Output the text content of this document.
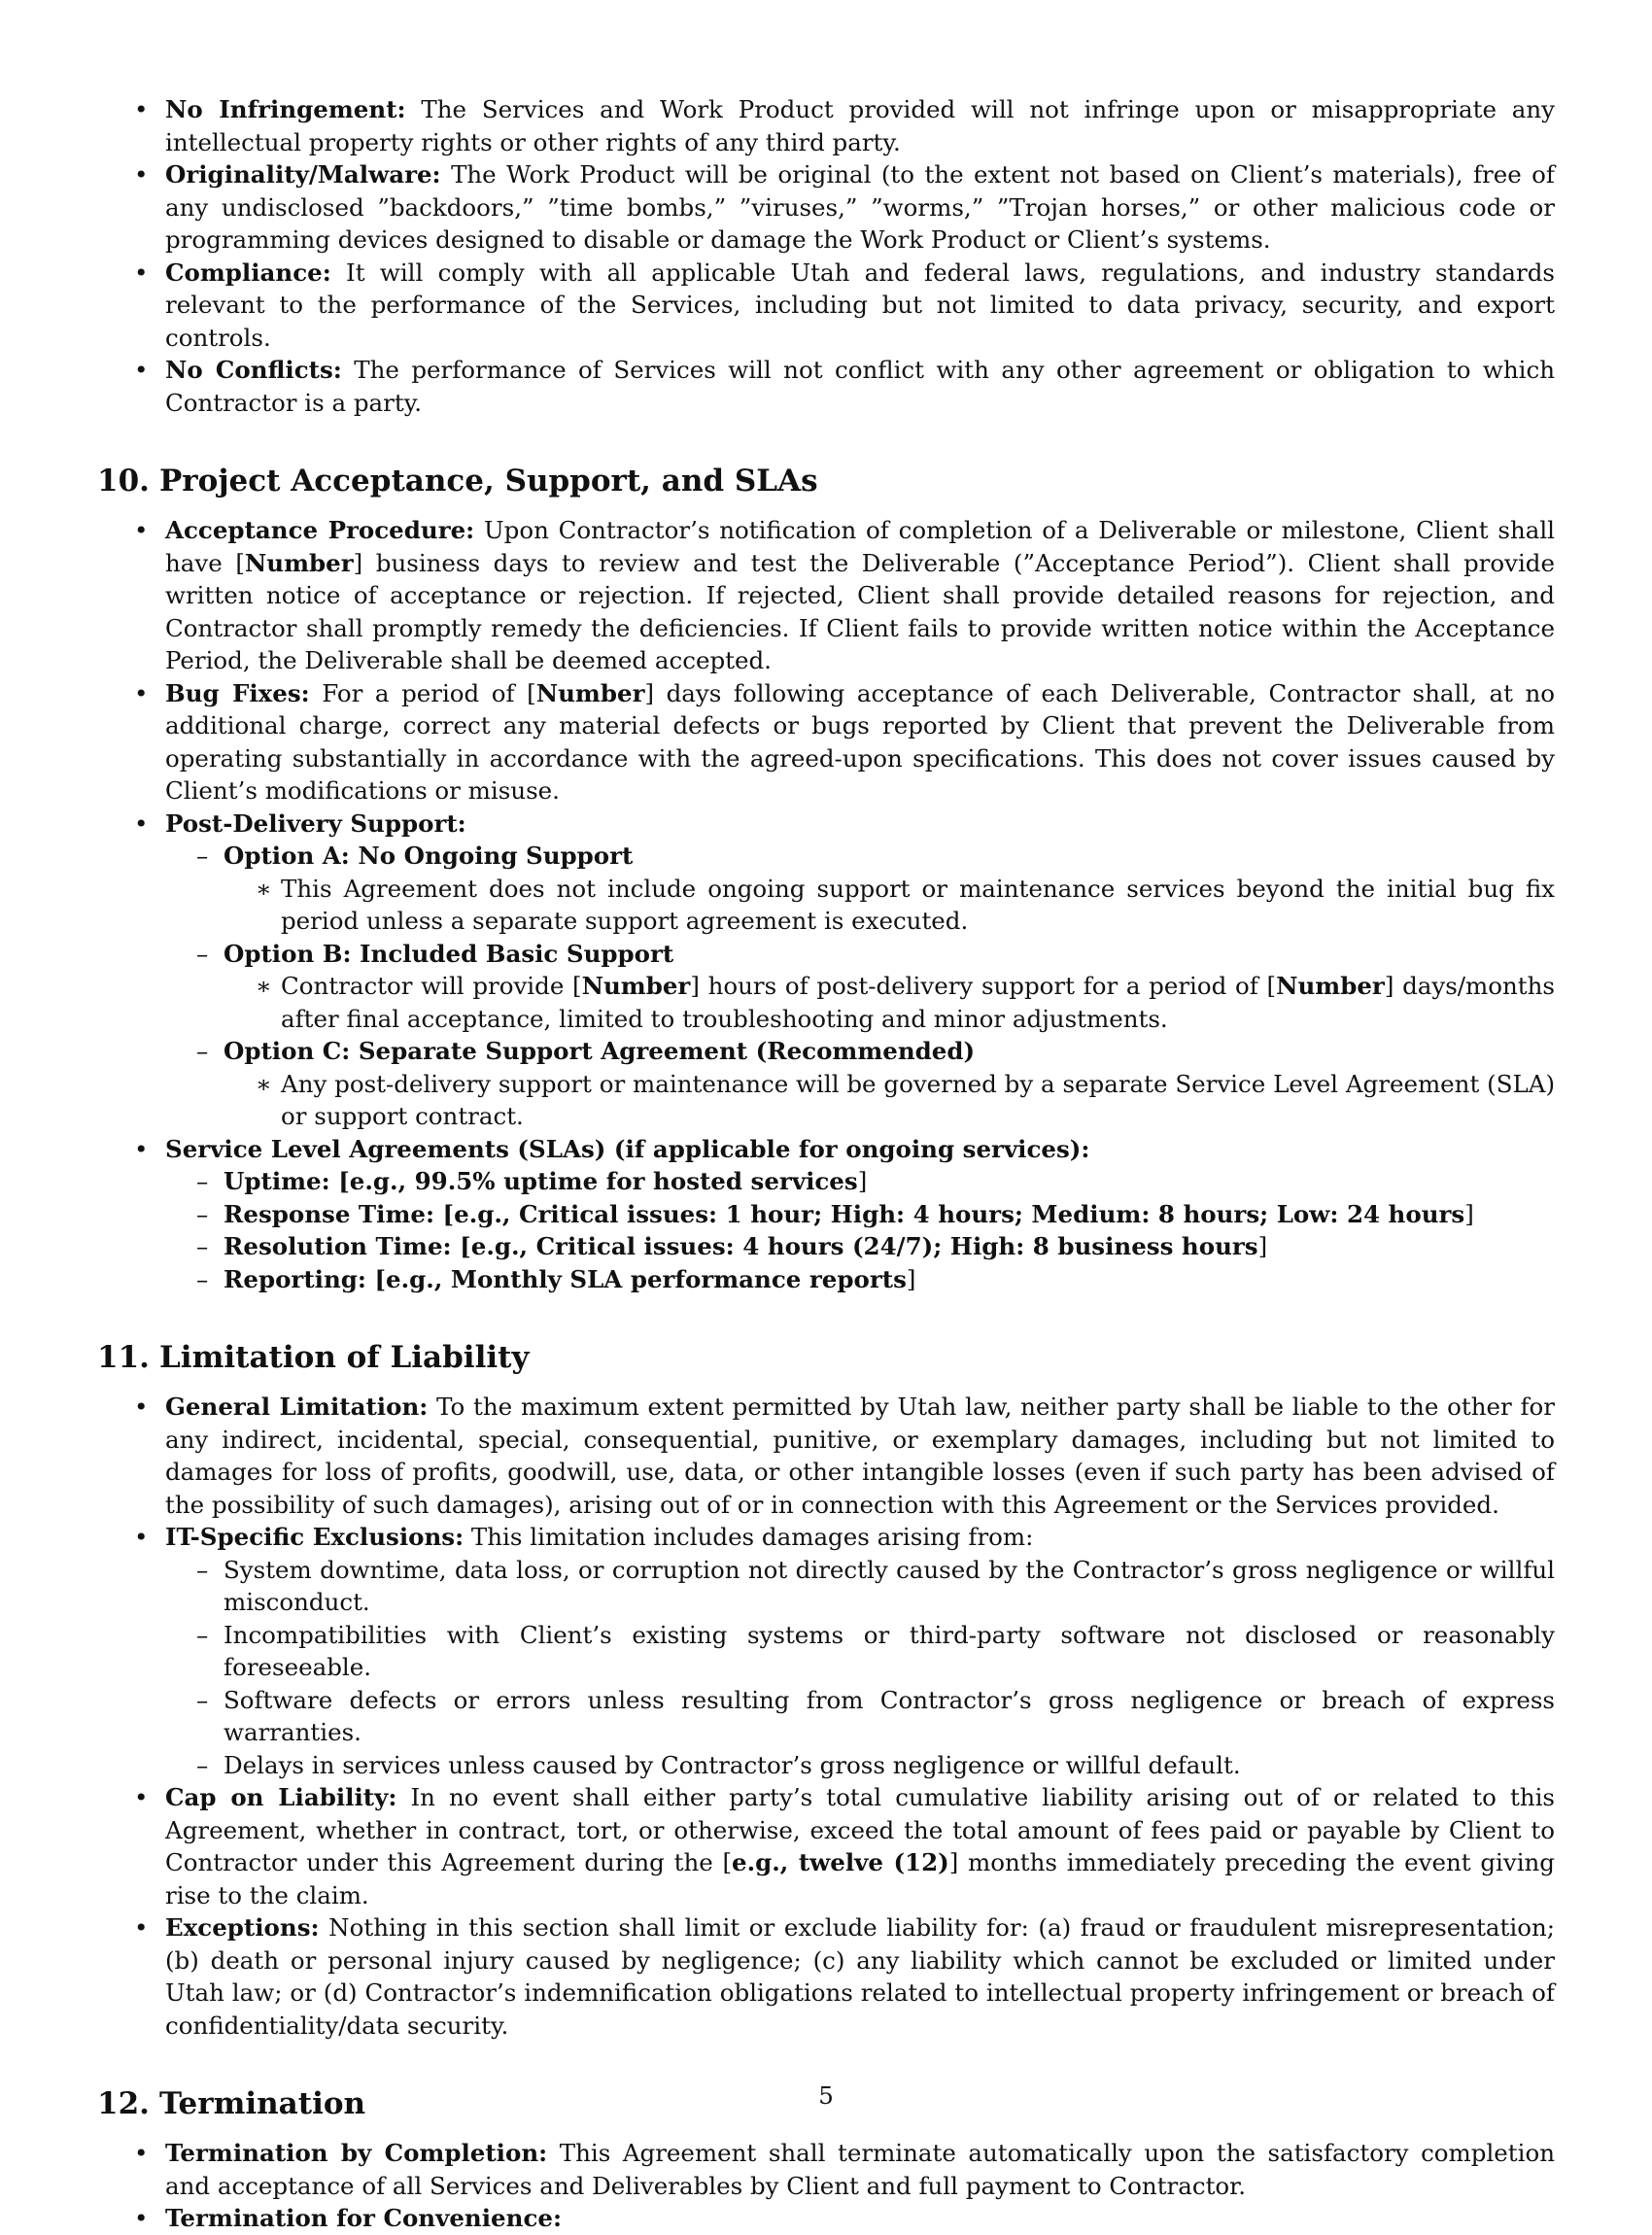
• No Infringement: The Services and Work Product provided will not infringe upon or misappropriate any intellectual property rights or other rights of any third party.
• Originality/Malware: The Work Product will be original (to the extent not based on Client’s materials), free of any undisclosed ”backdoors,” ”time bombs,” ”viruses,” ”worms,” ”Trojan horses,” or other malicious code or programming devices designed to disable or damage the Work Product or Client’s systems.
• Compliance: It will comply with all applicable Utah and federal laws, regulations, and industry standards relevant to the performance of the Services, including but not limited to data privacy, security, and export controls.
• No Conflicts: The performance of Services will not conflict with any other agreement or obligation to which Contractor is a party.
10. Project Acceptance, Support, and SLAs
• Acceptance Procedure: Upon Contractor’s notification of completion of a Deliverable or milestone, Client shall have [Number] business days to review and test the Deliverable (”Acceptance Period”). Client shall provide written notice of acceptance or rejection. If rejected, Client shall provide detailed reasons for rejection, and Contractor shall promptly remedy the deficiencies. If Client fails to provide written notice within the Acceptance Period, the Deliverable shall be deemed accepted.
• Bug Fixes: For a period of [Number] days following acceptance of each Deliverable, Contractor shall, at no additional charge, correct any material defects or bugs reported by Client that prevent the Deliverable from operating substantially in accordance with the agreed-upon specifications. This does not cover issues caused by Client’s modifications or misuse.
• Post-Delivery Support:
– Option A: No Ongoing Support
∗ This Agreement does not include ongoing support or maintenance services beyond the initial bug fix period unless a separate support agreement is executed.
– Option B: Included Basic Support
∗ Contractor will provide [Number] hours of post-delivery support for a period of [Number] days/months after final acceptance, limited to troubleshooting and minor adjustments.
– Option C: Separate Support Agreement (Recommended)
∗ Any post-delivery support or maintenance will be governed by a separate Service Level Agreement (SLA) or support contract.
• Service Level Agreements (SLAs) (if applicable for ongoing services):
– Uptime: [e.g., 99.5% uptime for hosted services]
– Response Time: [e.g., Critical issues: 1 hour; High: 4 hours; Medium: 8 hours; Low: 24 hours]
– Resolution Time: [e.g., Critical issues: 4 hours (24/7); High: 8 business hours]
– Reporting: [e.g., Monthly SLA performance reports]
11. Limitation of Liability
• General Limitation: To the maximum extent permitted by Utah law, neither party shall be liable to the other for any indirect, incidental, special, consequential, punitive, or exemplary damages, including but not limited to damages for loss of profits, goodwill, use, data, or other intangible losses (even if such party has been advised of the possibility of such damages), arising out of or in connection with this Agreement or the Services provided.
• IT-Specific Exclusions: This limitation includes damages arising from:
– System downtime, data loss, or corruption not directly caused by the Contractor’s gross negligence or willful misconduct.
– Incompatibilities with Client’s existing systems or third-party software not disclosed or reasonably foreseeable.
– Software defects or errors unless resulting from Contractor’s gross negligence or breach of express warranties.
– Delays in services unless caused by Contractor’s gross negligence or willful default.
• Cap on Liability: In no event shall either party’s total cumulative liability arising out of or related to this Agreement, whether in contract, tort, or otherwise, exceed the total amount of fees paid or payable by Client to Contractor under this Agreement during the [e.g., twelve (12)] months immediately preceding the event giving rise to the claim.
• Exceptions: Nothing in this section shall limit or exclude liability for: (a) fraud or fraudulent misrepresentation; (b) death or personal injury caused by negligence; (c) any liability which cannot be excluded or limited under Utah law; or (d) Contractor’s indemnification obligations related to intellectual property infringement or breach of confidentiality/data security.
12. Termination
• Termination by Completion: This Agreement shall terminate automatically upon the satisfactory completion and acceptance of all Services and Deliverables by Client and full payment to Contractor.
• Termination for Convenience:
5
